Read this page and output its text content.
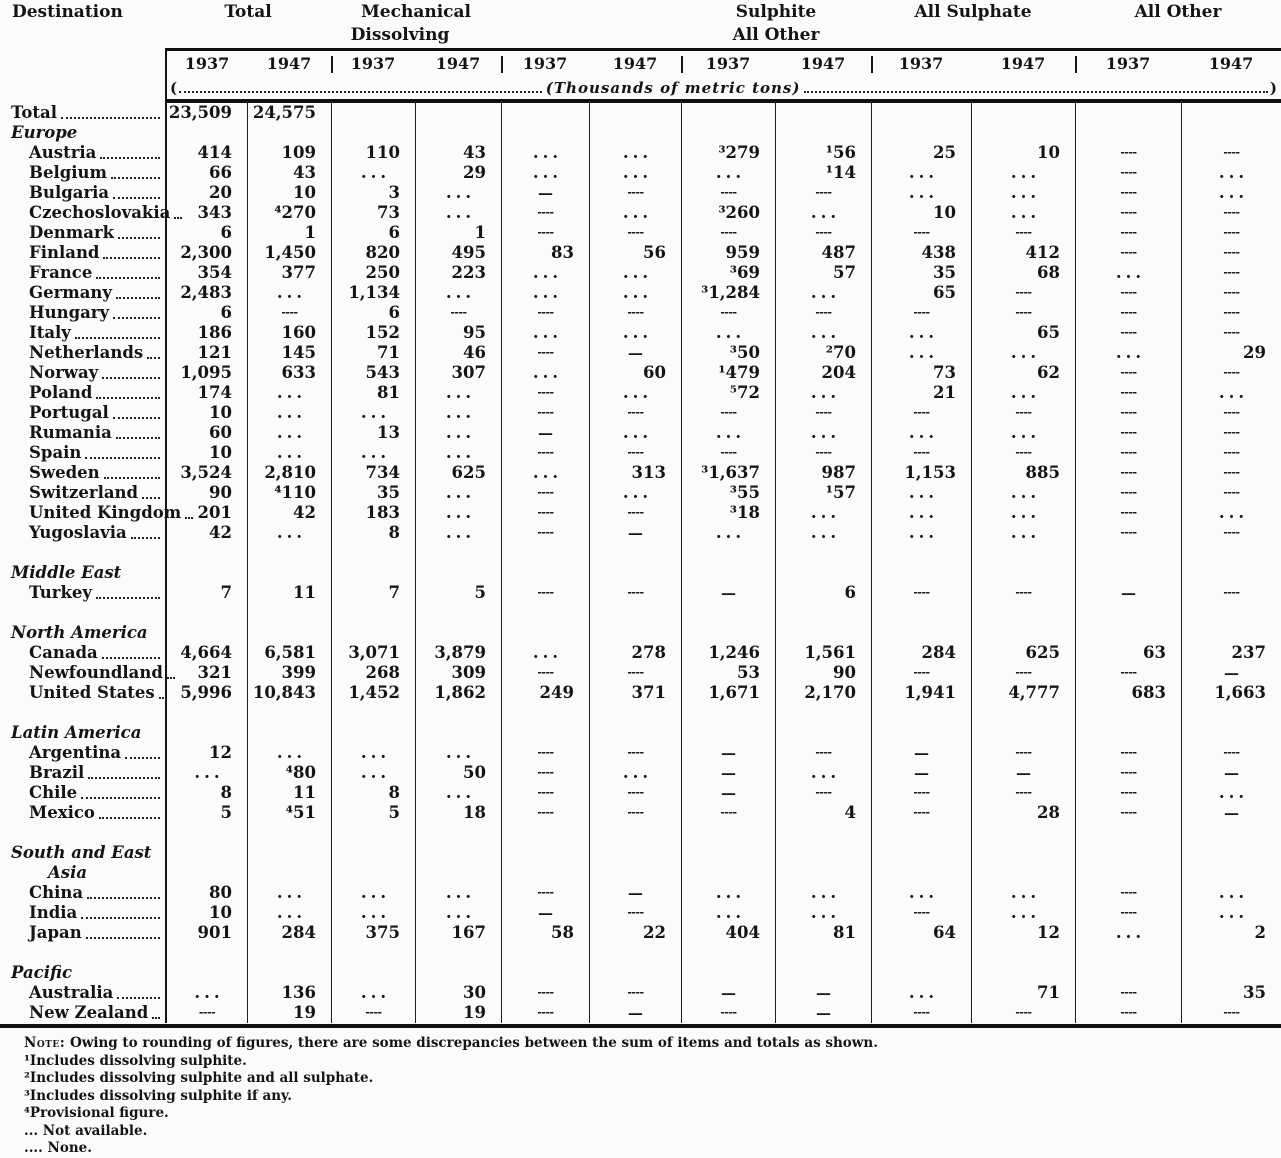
Destination	Total	Mechanical	Sulphite	All Sulphate	All Other
Dissolving	All Other
1937	1947	1937	1947	1937	1947	1937	1947	1937	1947	1937	1947
(	(Thousands of metric tons)	)
Total	23,509	24,575
Europe
Austria	414	109	110	43	...	...	³279	¹56	25	10	----	----
Belgium	66	43	...	29	...	...	...	¹14	...	...	----	...
Bulgaria	20	10	3	...	—	----	----	----	...	...	----	...
Czechoslovakia	343	⁴270	73	...	----	...	³260	...	10	...	----	----
Denmark	6	1	6	1	----	----	----	----	----	----	----	----
Finland	2,300	1,450	820	495	83	56	959	487	438	412	----	----
France	354	377	250	223	...	...	³69	57	35	68	...	----
Germany	2,483	...	1,134	...	...	...	³1,284	...	65	----	----	----
Hungary	6	----	6	----	----	----	----	----	----	----	----	----
Italy	186	160	152	95	...	...	...	...	...	65	----	----
Netherlands	121	145	71	46	----	—	³50	²70	...	...	...	29
Norway	1,095	633	543	307	...	60	¹479	204	73	62	----	----
Poland	174	...	81	...	----	...	⁵72	...	21	...	----	...
Portugal	10	...	...	...	----	----	----	----	----	----	----	----
Rumania	60	...	13	...	—	...	...	...	...	...	----	----
Spain	10	...	...	...	----	----	----	----	----	----	----	----
Sweden	3,524	2,810	734	625	...	313	³1,637	987	1,153	885	----	----
Switzerland	90	⁴110	35	...	----	...	³55	¹57	...	...	----	----
United Kingdom 201	42	183	...	----	----	³18	...	...	...	----	...
Yugoslavia	42	...	8	...	----	—	...	...	...	...	----	----
Middle East
Turkey	7	11	7	5	----	----	—	6	----	----	—	----
North America
Canada	4,664	6,581	3,071	3,879	...	278	1,246	1,561	284	625	63	237
Newfoundland	321	399	268	309	----	----	53	90	----	----	----	—
United States	5,996	10,843	1,452	1,862	249	371	1,671	2,170	1,941	4,777	683	1,663
Latin America
Argentina	12	...	...	...	----	----	—	----	—	----	----	----
Brazil	...	⁴80	...	50	----	...	—	...	—	—	----	—
Chile	8	11	8	...	----	----	—	----	----	----	----	...
Mexico	5	⁴51	5	18	----	----	----	4	----	28	----	—
South and East
Asia
China	80	...	...	...	----	—	...	...	...	...	----	...
India	10	...	...	...	—	----	...	...	----	...	----	...
Japan	901	284	375	167	58	22	404	81	64	12	...	2
Pacific
Australia	...	136	...	30	----	----	—	—	...	71	----	35
New Zealand	----	19	----	19	----	—	----	—	----	----	----	----
Note: Owing to rounding of figures, there are some discrepancies between the sum of items and totals as shown.
¹Includes dissolving sulphite.
²Includes dissolving sulphite and all sulphate.
³Includes dissolving sulphite if any.
⁴Provisional figure.
... Not available.
.... None.
